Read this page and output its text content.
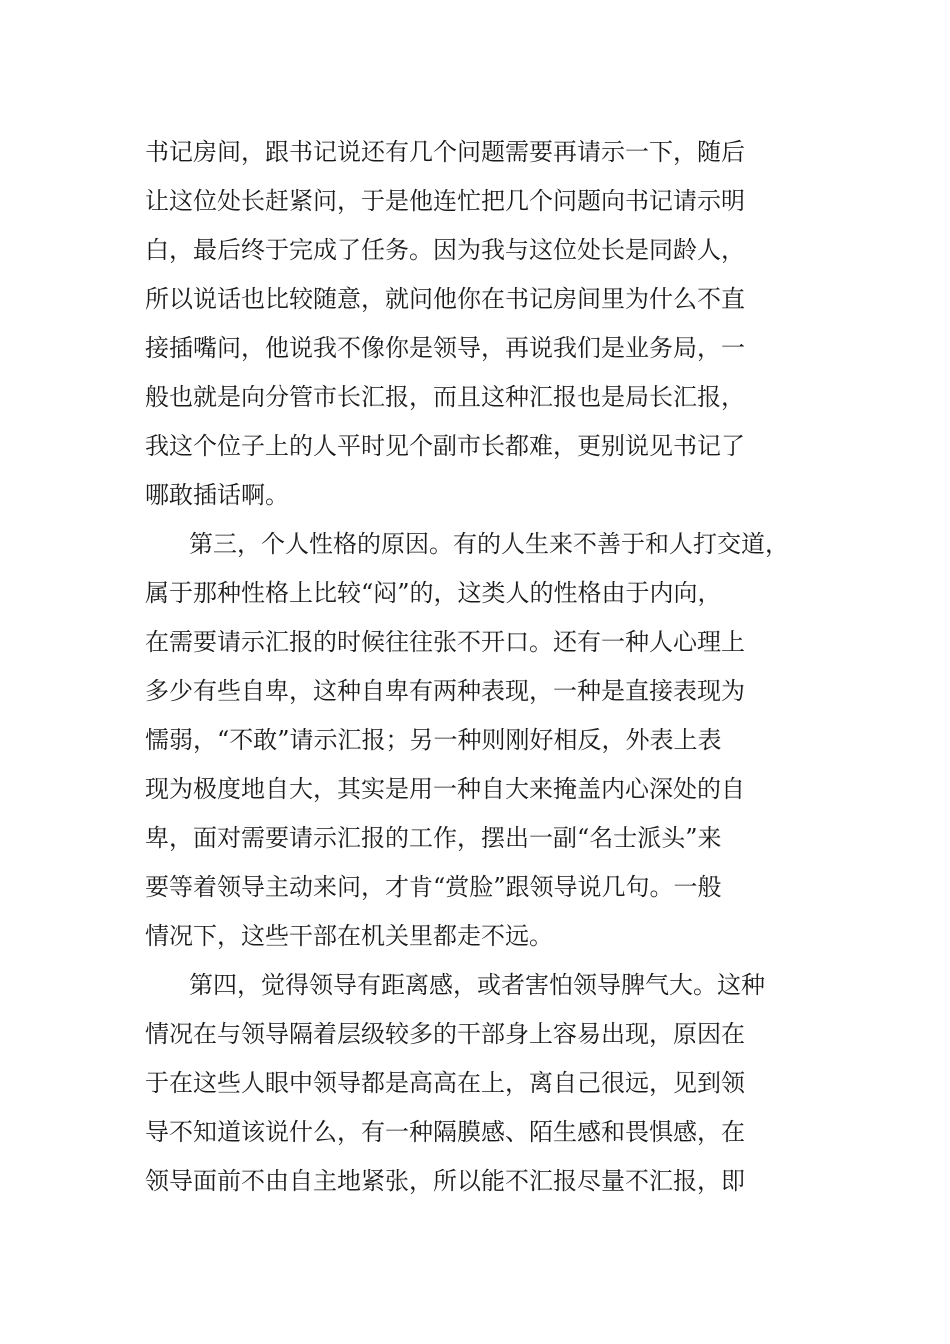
书记房间，跟书记说还有几个问题需要再请示一下，随后
让这位处长赶紧问，于是他连忙把几个问题向书记请示明
白，最后终于完成了任务。因为我与这位处长是同龄人，
所以说话也比较随意，就问他你在书记房间里为什么不直
接插嘴问，他说我不像你是领导，再说我们是业务局，一
般也就是向分管市长汇报，而且这种汇报也是局长汇报，
我这个位子上的人平时见个副市长都难，更别说见书记了
哪敢插话啊。
第三，个人性格的原因。有的人生来不善于和人打交道，
属于那种性格上比较“闷”的，这类人的性格由于内向，
在需要请示汇报的时候往往张不开口。还有一种人心理上
多少有些自卑，这种自卑有两种表现，一种是直接表现为
懦弱，“不敢”请示汇报；另一种则刚好相反，外表上表
现为极度地自大，其实是用一种自大来掩盖内心深处的自
卑，面对需要请示汇报的工作，摆出一副“名士派头”来
要等着领导主动来问，才肯“赏脸”跟领导说几句。一般
情况下，这些干部在机关里都走不远。
第四，觉得领导有距离感，或者害怕领导脾气大。这种
情况在与领导隔着层级较多的干部身上容易出现，原因在
于在这些人眼中领导都是高高在上，离自己很远，见到领
导不知道该说什么，有一种隔膜感、陌生感和畏惧感，在
领导面前不由自主地紧张，所以能不汇报尽量不汇报，即
